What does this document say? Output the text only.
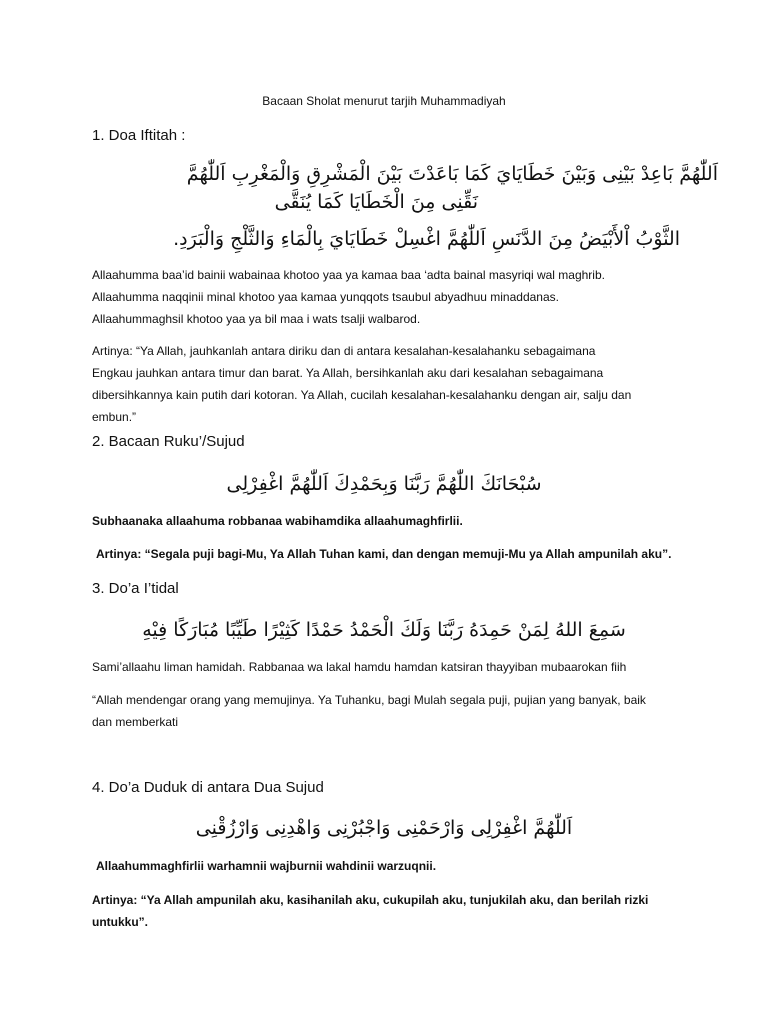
Bacaan Sholat menurut tarjih Muhammadiyah
1. Doa Iftitah :
اَللّٰهُمَّ بَاعِدْ بَيْنِى وَبَيْنَ خَطَايَايَ كَمَا بَاعَدْتَ بَيْنَ الْمَشْرِقِ وَالْمَغْرِبِ اَللّٰهُمَّ
نَقِّنِى مِنَ الْخَطَايَا كَمَا يُنَقَّى
الثَّوْبُ اْلأَبْيَضُ مِنَ الدَّنَسِ اَللّٰهُمَّ اغْسِلْ خَطَايَايَ بِالْمَاءِ وَالثَّلْجِ وَالْبَرَدِ.
Allaahumma baa’id bainii wabainaa khotoo yaa ya kamaa baa ‘adta bainal masyriqi wal maghrib.
Allaahumma naqqinii minal khotoo yaa kamaa yunqqots tsaubul abyadhuu minaddanas.
Allaahummaghsil khotoo yaa ya bil maa i wats tsalji walbarod.
Artinya: “Ya Allah, jauhkanlah antara diriku dan di antara kesalahan-kesalahanku sebagaimana
Engkau jauhkan antara timur dan barat. Ya Allah, bersihkanlah aku dari kesalahan sebagaimana
dibersihkannya kain putih dari kotoran. Ya Allah, cucilah kesalahan-kesalahanku dengan air, salju dan
embun.”
2. Bacaan Ruku’/Sujud
سُبْحَانَكَ اللّٰهُمَّ رَبَّنَا وَبِحَمْدِكَ اَللّٰهُمَّ اغْفِرْلِى
Subhaanaka allaahuma robbanaa wabihamdika allaahumaghfirlii.
Artinya: “Segala puji bagi-Mu, Ya Allah Tuhan kami, dan dengan memuji-Mu ya Allah ampunilah aku”.
3. Do’a I’tidal
سَمِعَ اللهُ لِمَنْ حَمِدَهُ رَبَّنَا وَلَكَ الْحَمْدُ حَمْدًا كَثِيْرًا طَيِّبًا مُبَارَكًا فِيْهِ
Sami’allaahu liman hamidah. Rabbanaa wa lakal hamdu hamdan katsiran thayyiban mubaarokan fiih
“Allah mendengar orang yang memujinya. Ya Tuhanku, bagi Mulah segala puji, pujian yang banyak, baik
dan memberkati
4. Do’a Duduk di antara Dua Sujud
اَللّٰهُمَّ اغْفِرْلِى وَارْحَمْنِى وَاجْبُرْنِى وَاهْدِنِى وَارْزُقْنِى
Allaahummaghfirlii warhamnii wajburnii wahdinii warzuqnii.
Artinya: “Ya Allah ampunilah aku, kasihanilah aku, cukupilah aku, tunjukilah aku, dan berilah rizki
untukku”.
